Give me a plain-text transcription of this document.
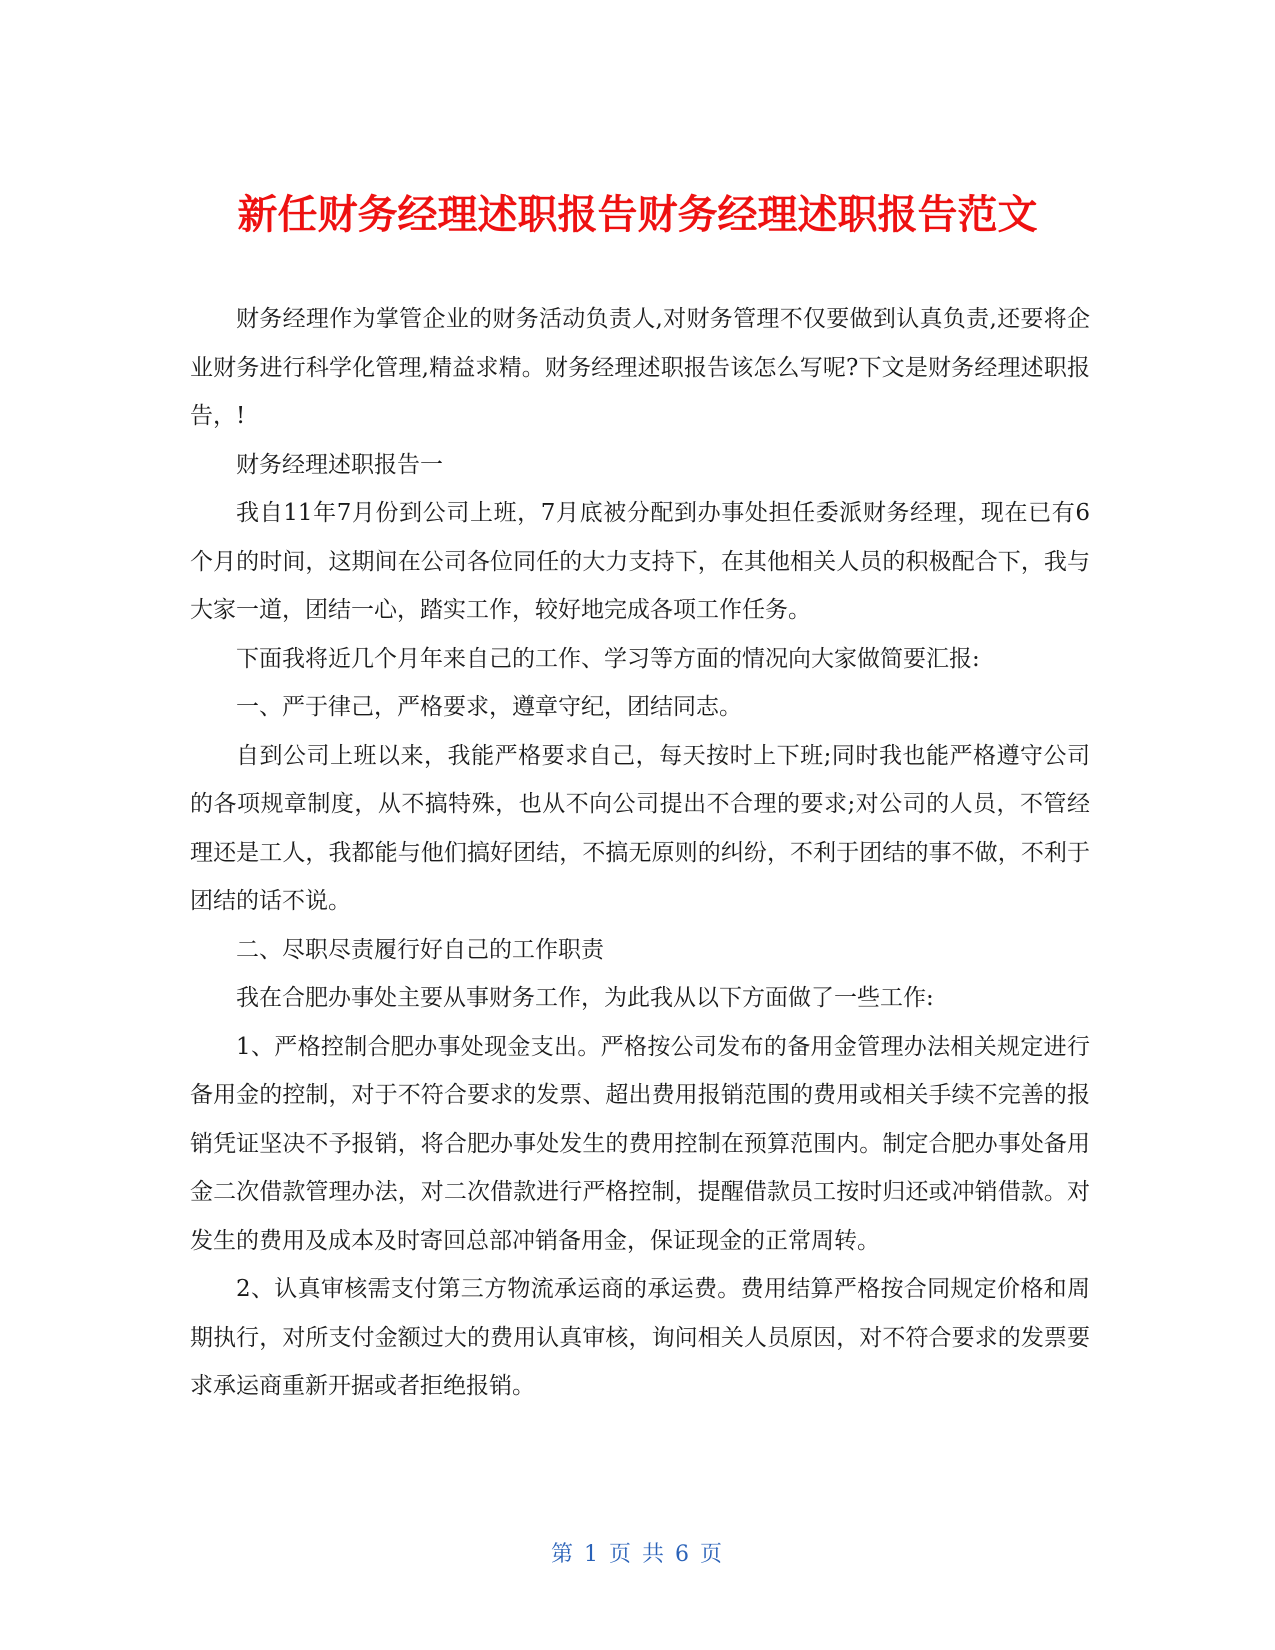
新任财务经理述职报告财务经理述职报告范文

财务经理作为掌管企业的财务活动负责人,对财务管理不仅要做到认真负责,还要将企业财务进行科学化管理,精益求精。财务经理述职报告该怎么写呢?下文是财务经理述职报告，!

财务经理述职报告一

我自11年7月份到公司上班，7月底被分配到办事处担任委派财务经理，现在已有6个月的时间，这期间在公司各位同任的大力支持下，在其他相关人员的积极配合下，我与大家一道，团结一心，踏实工作，较好地完成各项工作任务。

下面我将近几个月年来自己的工作、学习等方面的情况向大家做简要汇报:

一、严于律己，严格要求，遵章守纪，团结同志。

自到公司上班以来，我能严格要求自己，每天按时上下班;同时我也能严格遵守公司的各项规章制度，从不搞特殊，也从不向公司提出不合理的要求;对公司的人员，不管经理还是工人，我都能与他们搞好团结，不搞无原则的纠纷，不利于团结的事不做，不利于团结的话不说。

二、尽职尽责履行好自己的工作职责

我在合肥办事处主要从事财务工作，为此我从以下方面做了一些工作:

1、严格控制合肥办事处现金支出。严格按公司发布的备用金管理办法相关规定进行备用金的控制，对于不符合要求的发票、超出费用报销范围的费用或相关手续不完善的报销凭证坚决不予报销，将合肥办事处发生的费用控制在预算范围内。制定合肥办事处备用金二次借款管理办法，对二次借款进行严格控制，提醒借款员工按时归还或冲销借款。对发生的费用及成本及时寄回总部冲销备用金，保证现金的正常周转。

2、认真审核需支付第三方物流承运商的承运费。费用结算严格按合同规定价格和周期执行，对所支付金额过大的费用认真审核，询问相关人员原因，对不符合要求的发票要求承运商重新开据或者拒绝报销。

第 1 页 共 6 页
